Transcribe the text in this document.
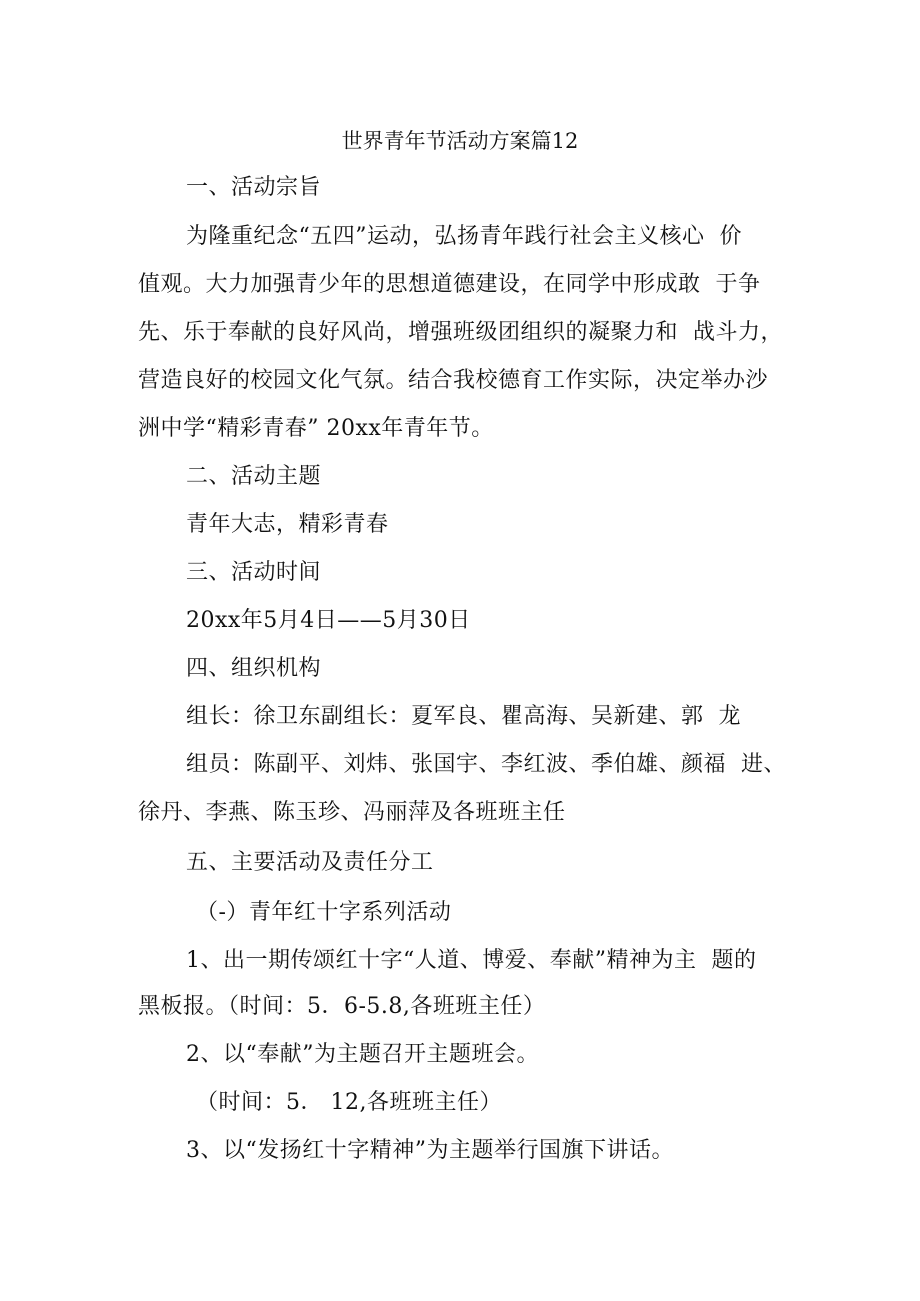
世界青年节活动方案篇12
一、活动宗旨
为隆重纪念“五四”运动，弘扬青年践行社会主义核心  价
值观。大力加强青少年的思想道德建设，在同学中形成敢  于争
先、乐于奉献的良好风尚，增强班级团组织的凝聚力和  战斗力，
营造良好的校园文化气氛。结合我校德育工作实际，决定举办沙
洲中学“精彩青春” 20xx年青年节。
二、活动主题
青年大志，精彩青春
三、活动时间
20xx年5月4日——5月30日
四、组织机构
组长：徐卫东副组长：夏军良、瞿高海、吴新建、郭  龙
组员：陈副平、刘炜、张国宇、李红波、季伯雄、颜福  进、
徐丹、李燕、陈玉珍、冯丽萍及各班班主任
五、主要活动及责任分工
（-）青年红十字系列活动
1、出一期传颂红十字“人道、博爱、奉献”精神为主  题的
黑板报。（时间：5．6-5.8,各班班主任）
2、以“奉献”为主题召开主题班会。
（时间：5． 12,各班班主任）
3、以“发扬红十字精神”为主题举行国旗下讲话。
